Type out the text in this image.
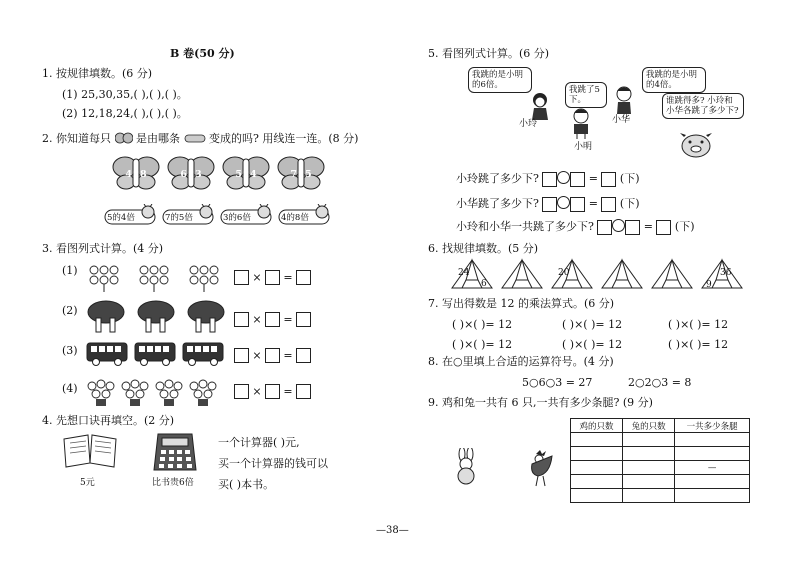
B 卷(50 分)
1. 按规律填数。(6 分)
(1) 25,30,35,( ),( ),( )。
(2) 12,18,24,( ),( ),( )。
2. 你知道每只 是由哪条	变成的吗? 用线连一连。(8 分)
4×8	6×3	5×4	7×5
5的4倍	7的5倍	3的6倍	4的8倍
3. 看图列式计算。(4 分)
(1)
× =
(2)
× =
(3)	× =
(4)	× =
4. 先想口诀再填空。(2 分)
5元	比书贵6倍
一个计算器( )元,
买一个计算器的钱可以
买( )本书。
—38—
5. 看图列式计算。(6 分)
我跳的是小明的6倍。	我跳了5下。
我跳的是小明的4倍。
谁跳得多? 小玲和小华各跳了多少下?
小玲
小明
小华
小玲跳了多少下?	= (下)
小华跳了多少下?	= (下)
小玲和小华一共跳了多少下?	= (下)
6. 找规律填数。(5 分)
24
6
20	36
9
7. 写出得数是 12 的乘法算式。(6 分)
( )×( )= 12	( )×( )= 12	( )×( )= 12
( )×( )= 12	( )×( )= 12	( )×( )= 12
8. 在○里填上合适的运算符号。(4 分)
5○6○3 = 27	2○2○3 = 8
9. 鸡和兔一共有 6 只,一共有多少条腿? (9 分)
鸡的只数	兔的只数	一共多少条腿

		—
